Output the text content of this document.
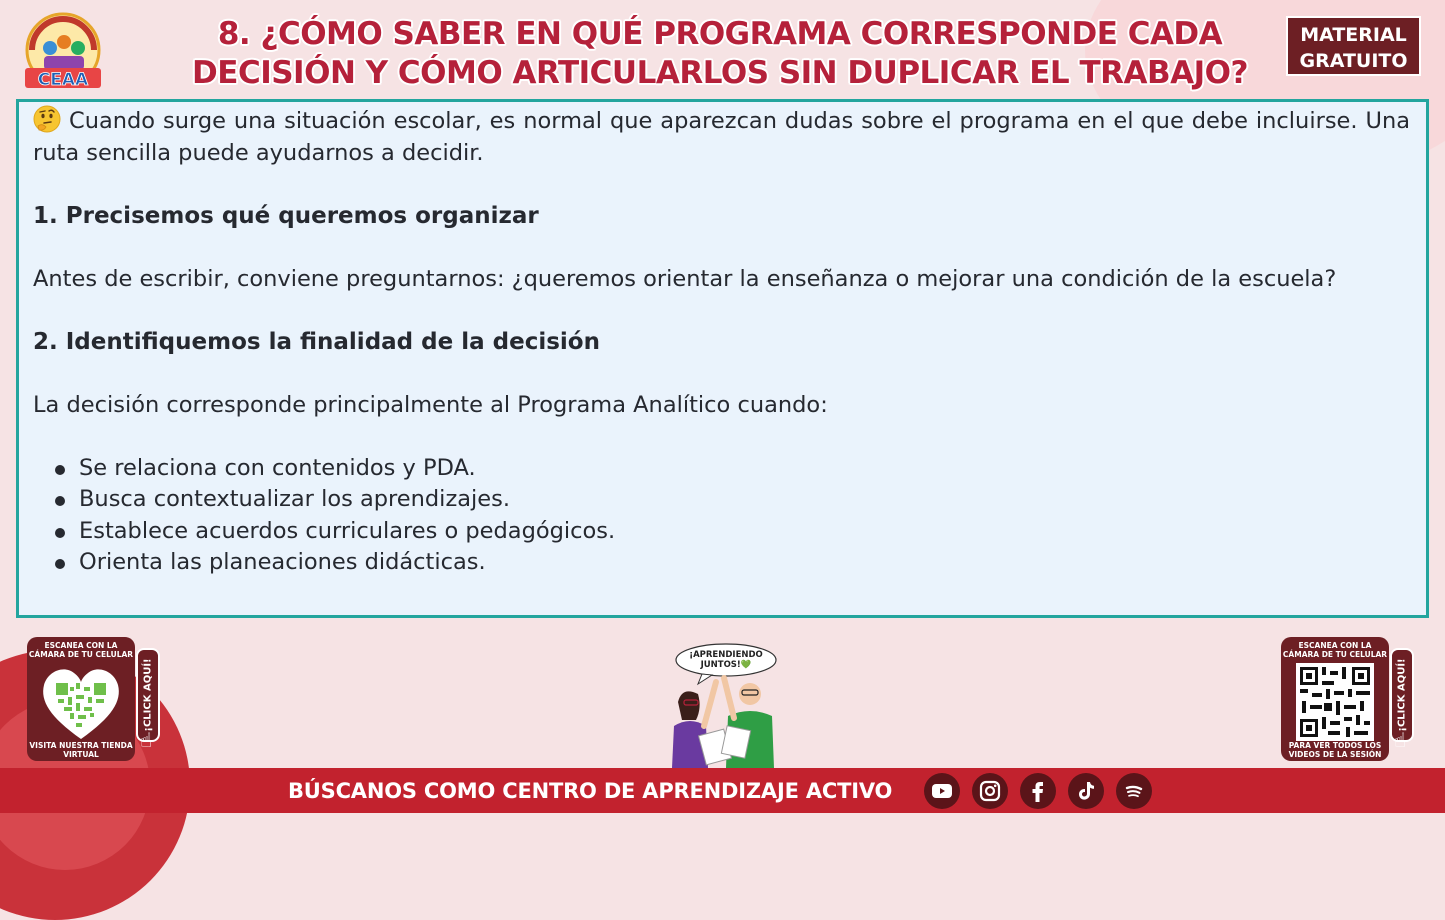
CEAA
8. ¿CÓMO SABER EN QUÉ PROGRAMA CORRESPONDE CADA
DECISIÓN Y CÓMO ARTICULARLOS SIN DUPLICAR EL TRABAJO?
MATERIAL
GRATUITO

Cuando surge una situación escolar, es normal que aparezcan dudas sobre el programa en el que debe incluirse. Una ruta sencilla puede ayudarnos a decidir.

1. Precisemos qué queremos organizar

Antes de escribir, conviene preguntarnos: ¿queremos orientar la enseñanza o mejorar una condición de la escuela?

2. Identifiquemos la finalidad de la decisión

La decisión corresponde principalmente al Programa Analítico cuando:

Se relaciona con contenidos y PDA.
Busca contextualizar los aprendizajes.
Establece acuerdos curriculares o pedagógicos.
Orienta las planeaciones didácticas.
ESCANEA CON LA CÁMARA DE TU CELULAR
VISITA NUESTRA TIENDA VIRTUAL
¡CLICK AQUÍ!
☝
¡APRENDIENDO JUNTOS!💚
ESCANEA CON LA CÁMARA DE TU CELULAR
PARA VER TODOS LOS VIDEOS DE LA SESIÓN
¡CLICK AQUÍ!
☝
BÚSCANOS COMO CENTRO DE APRENDIZAJE ACTIVO
